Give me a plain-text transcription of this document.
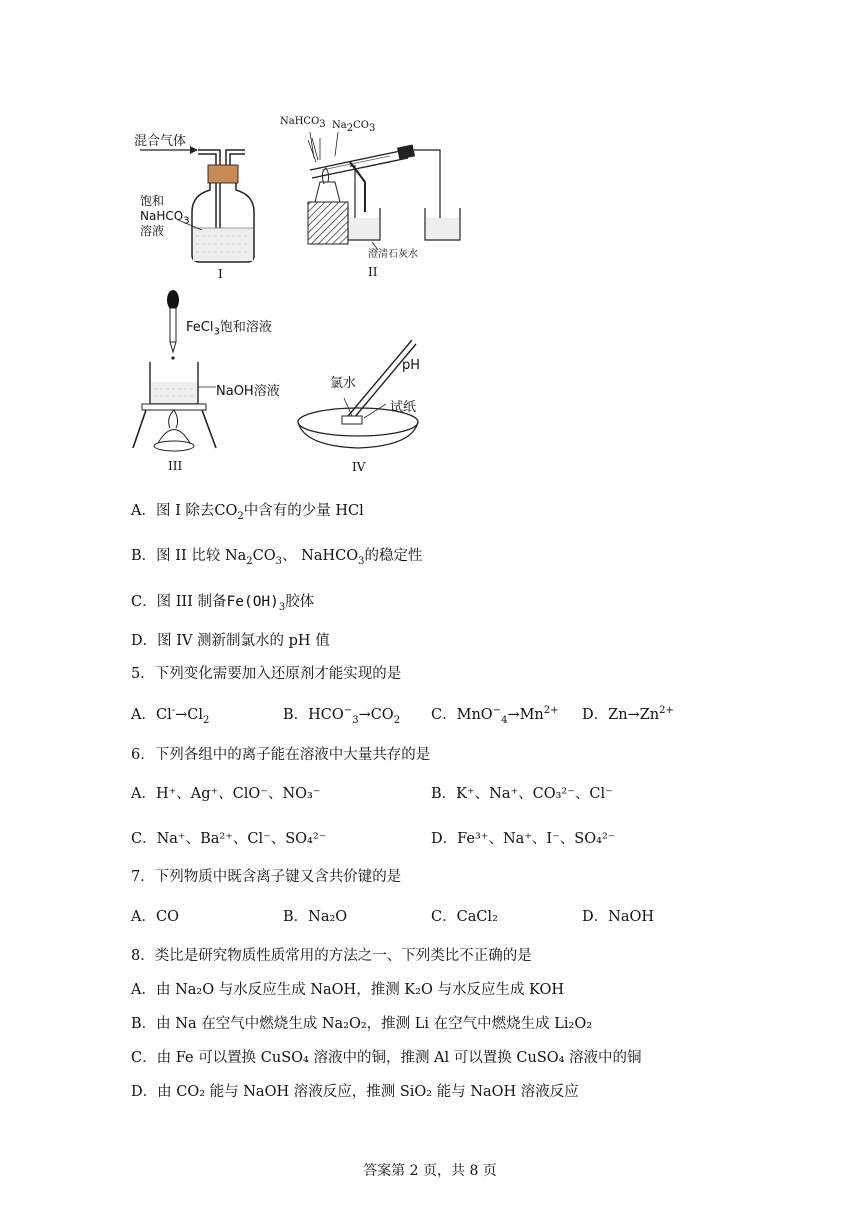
混合气体
饱和
NaHCO$_3$
溶液
I
NaHCO$_3$ $Na_2CO_3$
澄清石灰水
II
FeCl$_3$饱和溶液
NaOH溶液
III
pH
氯水
试纸
IV
A．图 I 除去$CO_2$中含有的少量 HCl
B．图 II 比较 $Na_2CO_3$、 NaHCO$_3$的稳定性
C．图 III 制备$Fe(OH)_3$胶体
D．图 IV 测新制氯水的 pH 值
5．下列变化需要加入还原剂才能实现的是
A．$Cl^-\to Cl_2$	B．$HCO^-_3\to CO_2$ C．$MnO^-_4\to Mn^{2+}$ D．$Zn\to Zn^{2+}$
6．下列各组中的离子能在溶液中大量共存的是
A．H⁺、Ag⁺、ClO⁻、NO₃⁻	B．K⁺、Na⁺、CO₃²⁻、Cl⁻
C．Na⁺、Ba²⁺、Cl⁻、SO₄²⁻	D．Fe³⁺、Na⁺、I⁻、SO₄²⁻
7．下列物质中既含离子键又含共价键的是
A．CO	B．Na₂O	C．CaCl₂	D．NaOH
8．类比是研究物质性质常用的方法之一、下列类比不正确的是
A．由 Na₂O 与水反应生成 NaOH，推测 K₂O 与水反应生成 KOH
B．由 Na 在空气中燃烧生成 Na₂O₂，推测 Li 在空气中燃烧生成 Li₂O₂
C．由 Fe 可以置换 CuSO₄ 溶液中的铜，推测 Al 可以置换 CuSO₄ 溶液中的铜
D．由 CO₂ 能与 NaOH 溶液反应，推测 SiO₂ 能与 NaOH 溶液反应
答案第 2 页，共 8 页
